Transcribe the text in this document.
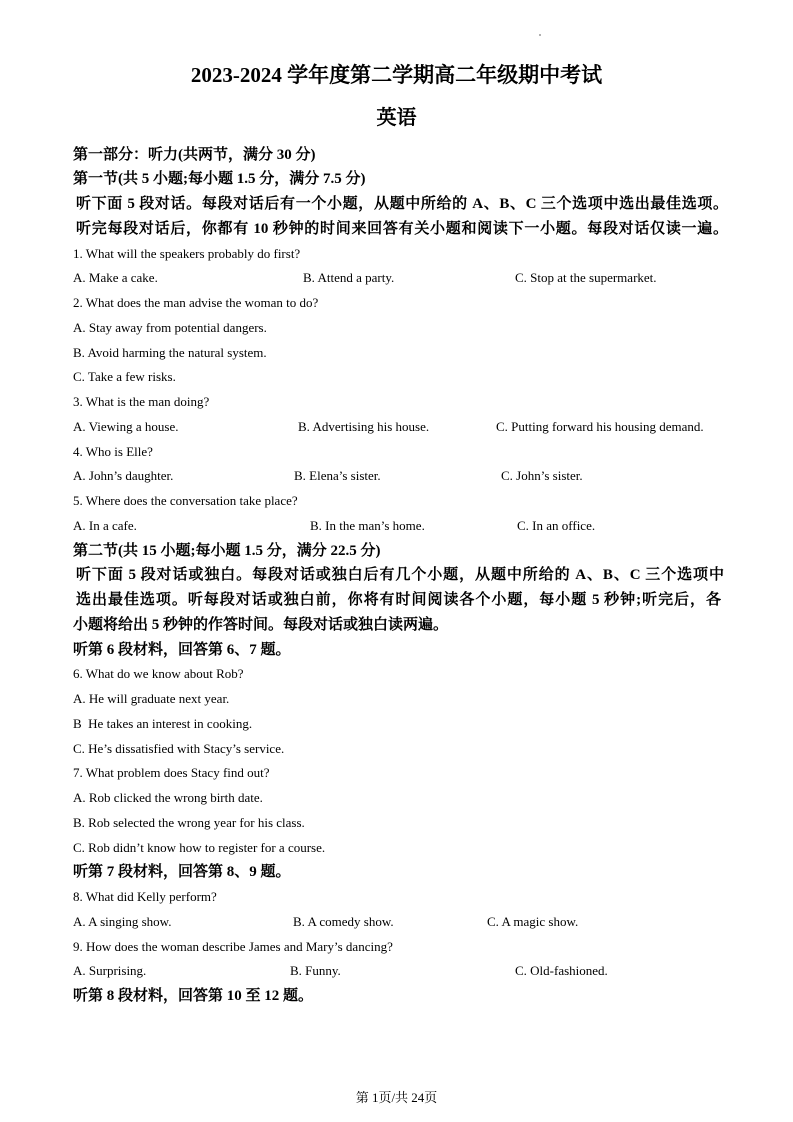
2023-2024 学年度第二学期高二年级期中考试
英语
第一部分：听力(共两节，满分 30 分)
第一节(共 5 小题;每小题 1.5 分，满分 7.5 分)
听下面 5 段对话。每段对话后有一个小题，从题中所给的 A、B、C 三个选项中选出最佳选项。
听完每段对话后，你都有 10 秒钟的时间来回答有关小题和阅读下一小题。每段对话仅读一遍。
1. What will the speakers probably do first?

A. Make a cake.

	B. Attend a party.

	C. Stop at the supermarket.

2. What does the man advise the woman to do?
A. Stay away from potential dangers.
B. Avoid harming the natural system.
C. Take a few risks.
3. What is the man doing?

A. Viewing a house.

	B. Advertising his house.

	C. Putting forward his housing demand.

4. Who is Elle?

A. John’s daughter.

	B. Elena’s sister.

	C. John’s sister.

5. Where does the conversation take place?

A. In a cafe.

	B. In the man’s home.

	C. In an office.

第二节(共 15 小题;每小题 1.5 分，满分 22.5 分)
听下面 5 段对话或独白。每段对话或独白后有几个小题，从题中所给的 A、B、C 三个选项中
选出最佳选项。听每段对话或独白前，你将有时间阅读各个小题，每小题 5 秒钟;听完后，各
小题将给出 5 秒钟的作答时间。每段对话或独白读两遍。
听第 6 段材料，回答第 6、7 题。
6. What do we know about Rob?
A. He will graduate next year.
B  He takes an interest in cooking.
C. He’s dissatisfied with Stacy’s service.
7. What problem does Stacy find out?
A. Rob clicked the wrong birth date.
B. Rob selected the wrong year for his class.
C. Rob didn’t know how to register for a course.
听第 7 段材料，回答第 8、9 题。
8. What did Kelly perform?

A. A singing show.

	B. A comedy show.

	C. A magic show.

9. How does the woman describe James and Mary’s dancing?

A. Surprising.

	B. Funny.

	C. Old-fashioned.

听第 8 段材料，回答第 10 至 12 题。
第 1页/共 24页
